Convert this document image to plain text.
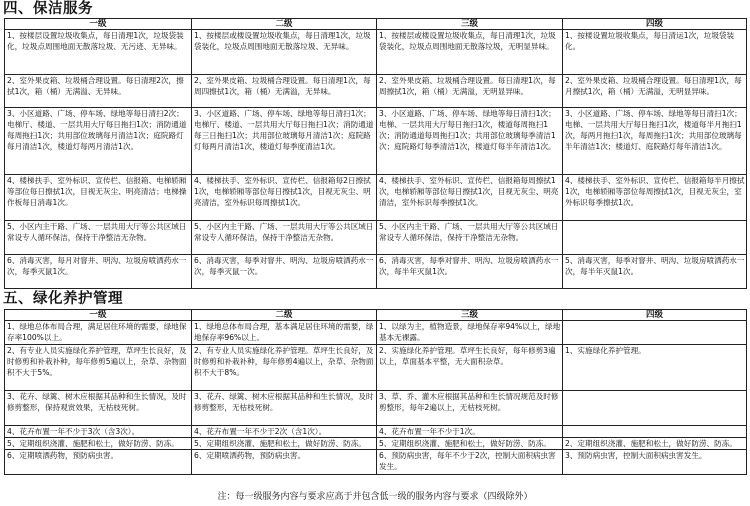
四、保洁服务
一级	二级	三级	四级

1、按楼层设置垃圾收集点，每日清理1次，垃圾袋装化，垃圾点周围地面无散落垃圾、无污迹、无异味。	1、按楼层或楼设置垃圾收集点，每日清理1次，垃圾袋装化，垃圾点周围地面无散落垃圾、无异味。	1、按楼层或楼设置垃圾收集点，每日清理1次，垃圾袋装化，垃圾点周围地面无散落垃圾，无明显异味。	1、按楼设置垃圾收集点，每日清运1次，垃圾袋装化。

2、室外果皮箱、垃圾桶合理设置。每日清理2次，擦拭1次，箱（桶）无满溢、无异味。	2、室外果皮箱、垃圾桶合理设置。每日清理1次，每周四擦拭1次，箱（桶）无满溢，无异味。	2、室外果皮箱、垃圾桶合理设置。每日清理1次，每周擦拭1次，箱（桶）无满溢，无明显异味。	2、室外果皮箱、垃圾桶合理设置。每日清理1次，每月擦拭1次，箱（桶）无满溢，无明显异味。

3、小区道路、广场、停车场、绿地等每日清扫2次；电梯厅、楼道、一层共用大厅每日拖扫1次；消防通道每周拖扫1次；共用部位玻璃每月清洁1次；庭院路灯每月清洁1次，楼道灯每两月清洁1次。	3、小区道路、广场、停车场、绿地等每日清扫1次；电梯厅、楼道、一层共用大厅每日拖扫1次；消防通道每三日拖扫1次；共用部位玻璃每月清洁1次；庭院路灯每两月清洁1次，楼道灯每季度清洁1次。	3、小区道路、广场、停车场、绿地等每日清扫1次；电梯、一层共用大厅每日拖扫1次，楼道每周拖扫1次；消防通道每周拖扫1次；共用部位玻璃每季清洁1次；庭院路灯每季清洁1次，楼道灯每半年清洁1次。	3、小区道路、广场、停车场、绿地等每日清扫1次；电梯、一层共用大厅每日拖扫1次，楼道每半月拖扫1次，每两月拖扫1次，每周拖扫1次；共用部位玻璃每半年清洁1次；楼道灯、庭院路灯每年清洁1次。

4、楼梯扶手、室外标识、宣传栏、信报箱、电梯轿厢等部位每日擦拭1次，目视无灰尘、明亮清洁；电梯操作板每日消毒1次。	4、楼梯扶手、室外标识、宣传栏、信报箱每2日擦拭1次，电梯轿厢等部位每日擦拭1次，目视无灰尘、明亮清洁，室外标识每周擦拭1次。	4、楼梯扶手、室外标识、宣传栏、信报箱每周擦拭1次，电梯轿厢等部位每日擦拭1次，目视无灰尘、明亮清洁，室外标识每季擦拭1次。	4、楼梯扶手、室外标识、宣传栏、信报箱每半月擦拭1次，电梯轿厢等部位每周擦拭1次，目视无灰尘，室外标识每季擦拭1次。

5、小区内主干路、广场、一层共用大厅等公共区域日常设专人循环保洁，保持干净整洁无杂物。	5、小区内主干路、广场、一层共用大厅等公共区域日常设专人循环保洁，保持干净整洁无杂物。	5、小区内主干路、广场、一层共用大厅等公共区域日常设专人循环保洁，保持干净整洁无杂物。	

6、消毒灭害，每月对窨井、明沟、垃圾房喷洒药水一次，每季灭鼠1次。	6、消毒灭害，每季对窨井、明沟、垃圾房喷洒药水一次，每季灭鼠一次。	6、消毒灭害，每季对窨井、明沟、垃圾房喷洒药水一次，每半年灭鼠1次。	5、消毒灭害，每季对窨井、明沟、垃圾房喷洒药水一次，每半年灭鼠1次。
五、绿化养护管理
一级	二级	三级	四级

1、绿地总体布局合理，满足居住环境的需要，绿地保存率100%以上。	1、绿地总体布局合理，基本满足居住环境的需要，绿地保存率96%以上。	1、以绿为主，植物造景，绿地保存率94%以上，绿地基本无裸露。	

2、有专业人员实施绿化养护管理，草坪生长良好，及时修剪和补栽补种，每年修剪5遍以上，杂草、杂物面积不大于5%。	2、有专业人员实施绿化养护管理。草坪生长良好，及时修剪和补栽补种，每年修剪4遍以上，杂草、杂物面积不大于8%。	2、实施绿化养护管理。草坪生长良好，每年修剪3遍以上，草面基本平整，无大面积杂草。	1、实施绿化养护管理。

3、花卉、绿篱、树木应根据其品种和生长情况，及时修剪整形，保持观赏效果，无枯枝死树。	3、花卉、绿篱、树木应根据其品种和生长情况，及时修剪整形，无枯枝死树。	3、草、乔、灌木应根据其品种和生长情况规范及时修剪整形，每年2遍以上，无枯枝死树。	

4、花卉布置一年不少于3次（含3次）。	4、花卉布置一年不少于2次（含1次）。	4、花卉布置一年不少于1次。	

5、定期组织浇灌、施肥和松土，做好防涝、防冻。	5、定期组织浇灌、施肥和松土，做好防涝、防冻。	5、定期组织浇灌、施肥和松土，做好防涝、防冻。	2、定期组织浇灌、施肥和松土，做好防涝、防冻。

6、定期喷洒药物，预防病虫害。	6、定期喷洒药物，预防病虫害。	6、预防病虫害，每年不少于2次，控制大面积病虫害发生。	3、预防病虫害，控制大面积病虫害发生。
注：每一级服务内容与要求应高于并包含低一级的服务内容与要求（四级除外）
